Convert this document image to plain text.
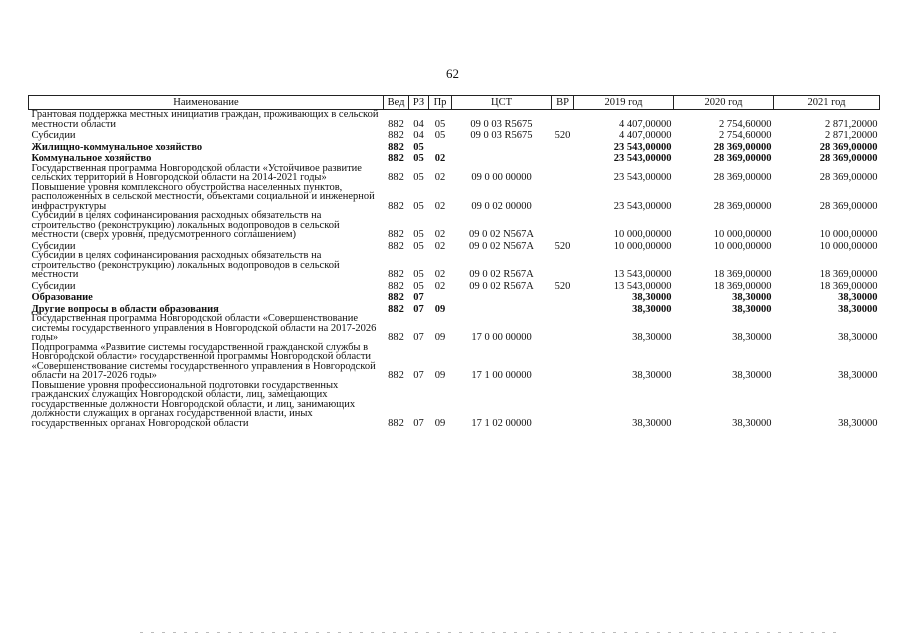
62
Наименование	Вед	РЗ	Пр	ЦСТ	ВР	2019 год	2020 год	2021 год
Грантовая поддержка местных инициатив граждан, проживающих в сельской местности области	882	04	05	09 0 03 R5675		4 407,00000	2 754,60000	2 871,20000
Субсидии	882	04	05	09 0 03 R5675	520	4 407,00000	2 754,60000	2 871,20000
Жилищно-коммунальное хозяйство	882	05				23 543,00000	28 369,00000	28 369,00000
Коммунальное хозяйство	882	05	02			23 543,00000	28 369,00000	28 369,00000
Государственная программа Новгородской области «Устойчивое развитие сельских территорий в Новгородской области на 2014-2021 годы»	882	05	02	09 0 00 00000		23 543,00000	28 369,00000	28 369,00000
Повышение уровня комплексного обустройства населенных пунктов, расположенных в сельской местности, объектами социальной и инженерной инфраструктуры	882	05	02	09 0 02 00000		23 543,00000	28 369,00000	28 369,00000
Субсидии в целях софинансирования расходных обязательств на строительство (реконструкцию) локальных водопроводов в сельской местности (сверх уровня, предусмотренного соглашением)	882	05	02	09 0 02 N567A		10 000,00000	10 000,00000	10 000,00000
Субсидии	882	05	02	09 0 02 N567A	520	10 000,00000	10 000,00000	10 000,00000
Субсидии в целях софинансирования расходных обязательств на строительство (реконструкцию) локальных водопроводов в сельской местности	882	05	02	09 0 02 R567A		13 543,00000	18 369,00000	18 369,00000
Субсидии	882	05	02	09 0 02 R567A	520	13 543,00000	18 369,00000	18 369,00000
Образование	882	07				38,30000	38,30000	38,30000
Другие вопросы в области образования	882	07	09			38,30000	38,30000	38,30000
Государственная программа Новгородской области «Совершенствование системы государственного управления в Новгородской области на 2017-2026 годы»	882	07	09	17 0 00 00000		38,30000	38,30000	38,30000
Подпрограмма «Развитие системы государственной гражданской службы в Новгородской области» государственной программы Новгородской области «Совершенствование системы государственного управления в Новгородской области на 2017-2026 годы»	882	07	09	17 1 00 00000		38,30000	38,30000	38,30000
Повышение уровня профессиональной подготовки государственных гражданских служащих Новгородской области, лиц, замещающих государственные должности Новгородской области, и лиц, занимающих должности служащих в органах государственной власти, иных государственных органах Новгородской области	882	07	09	17 1 02 00000		38,30000	38,30000	38,30000
